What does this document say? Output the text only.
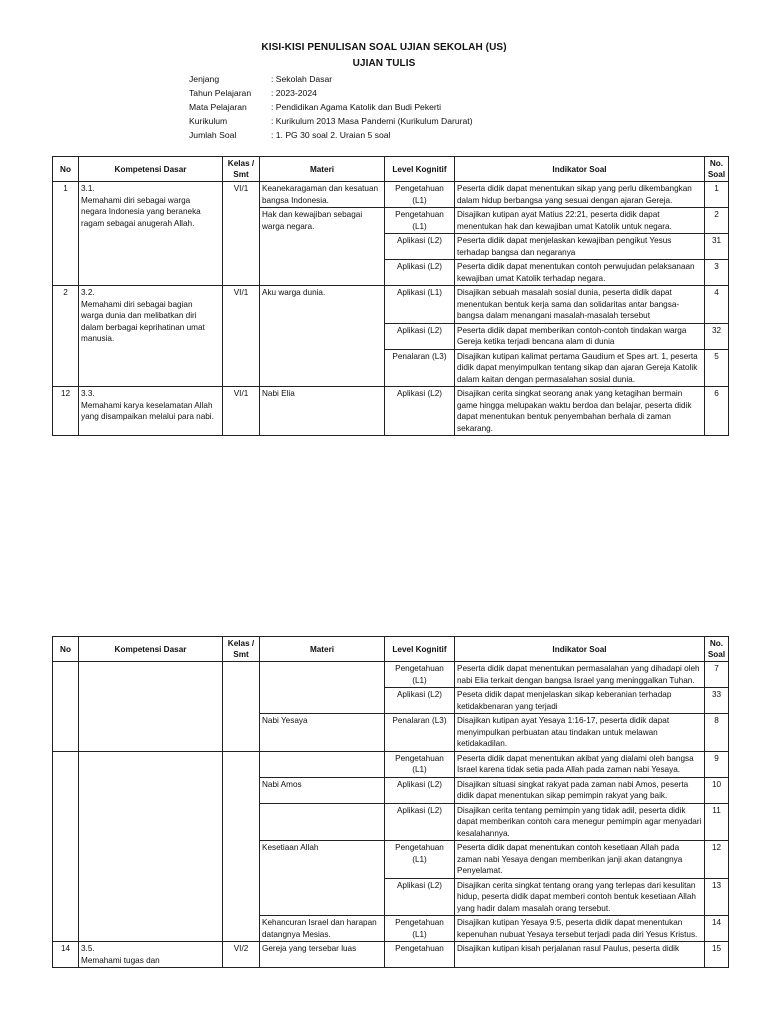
KISI-KISI PENULISAN SOAL UJIAN SEKOLAH (US)
UJIAN TULIS
Jenjang	: Sekolah Dasar
Tahun Pelajaran	: 2023-2024
Mata Pelajaran	: Pendidikan Agama Katolik dan Budi Pekerti
Kurikulum	: Kurikulum 2013 Masa Pandemi (Kurikulum Darurat)
Jumlah Soal	: 1. PG 30 soal 2. Uraian 5 soal
No	Kompetensi Dasar	Kelas / Smt	Materi	Level Kognitif	Indikator Soal	No. Soal
1	3.1.Memahami diri sebagai warga negara Indonesia yang beraneka ragam sebagai anugerah Allah.	VI/1	Keanekaragaman dan kesatuan bangsa Indonesia.	Pengetahuan (L1)	Peserta didik dapat menentukan sikap yang perlu dikembangkan dalam hidup berbangsa yang sesuai dengan ajaran Gereja.	1
			Hak dan kewajiban sebagai warga negara.	Pengetahuan (L1)	Disajikan kutipan ayat Matius 22:21, peserta didik dapat menentukan hak dan kewajiban umat Katolik untuk negara.	2
				Aplikasi (L2)	Peserta didik dapat menjelaskan kewajiban pengikut Yesus terhadap bangsa dan negaranya	31
				Aplikasi (L2)	Peserta didik dapat menentukan contoh perwujudan pelaksanaan kewajiban umat Katolik terhadap negara.	3
2	3.2.Memahami diri sebagai bagian warga dunia dan melibatkan diri dalam berbagai keprihatinan umat manusia.	VI/1	Aku warga dunia.	Aplikasi (L1)	Disajikan sebuah masalah sosial dunia, peserta didik dapat menentukan bentuk kerja sama dan solidaritas antar bangsa-bangsa dalam menangani masalah-masalah tersebut	4
				Aplikasi (L2)	Peserta didik dapat memberikan contoh-contoh tindakan warga Gereja ketika terjadi bencana alam di dunia	32
				Penalaran (L3)	Disajikan kutipan kalimat pertama Gaudium et Spes art. 1, peserta didik dapat menyimpulkan tentang sikap dan ajaran Gereja Katolik dalam kaitan dengan permasalahan sosial dunia.	5
12	3.3.Memahami karya keselamatan Allah yang disampaikan melalui para nabi.	VI/1	Nabi Elia	Aplikasi (L2)	Disajikan cerita singkat seorang anak yang ketagihan bermain game hingga melupakan waktu berdoa dan belajar, peserta didik dapat menentukan bentuk penyembahan berhala di zaman sekarang.	6
No	Kompetensi Dasar	Kelas / Smt	Materi	Level Kognitif	Indikator Soal	No. Soal
				Pengetahuan (L1)	Peserta didik dapat menentukan permasalahan yang dihadapi oleh nabi Elia terkait dengan bangsa Israel yang meninggalkan Tuhan.	7
				Aplikasi (L2)	Peseta didik dapat menjelaskan sikap keberanian terhadap ketidakbenaran yang terjadi	33
			Nabi Yesaya	Penalaran (L3)	Disajikan kutipan ayat Yesaya 1:16-17, peserta didik dapat menyimpulkan perbuatan atau tindakan untuk melawan ketidakadilan.	8
				Pengetahuan (L1)	Peserta didik dapat menentukan akibat yang dialami oleh bangsa Israel karena tidak setia pada Allah pada zaman nabi Yesaya.	9
			Nabi Amos	Aplikasi (L2)	Disajikan situasi singkat rakyat pada zaman nabi Amos, peserta didik dapat menentukan sikap pemimpin rakyat yang baik.	10
				Aplikasi (L2)	Disajikan cerita tentang pemimpin yang tidak adil, peserta didik dapat memberikan contoh cara menegur pemimpin agar menyadari kesalahannya.	11
			Kesetiaan Allah	Pengetahuan (L1)	Peserta didik dapat menentukan contoh kesetiaan Allah pada zaman nabi Yesaya dengan memberikan janji akan datangnya Penyelamat.	12
				Aplikasi (L2)	Disajikan cerita singkat tentang orang yang terlepas dari kesulitan hidup, peserta didik dapat memberi contoh bentuk kesetiaan Allah yang hadir dalam masalah orang tersebut.	13
			Kehancuran Israel dan harapan datangnya Mesias.	Pengetahuan (L1)	Disajikan kutipan Yesaya 9:5, peserta didik dapat menentukan kepenuhan nubuat Yesaya tersebut terjadi pada diri Yesus Kristus.	14
14	3.5.Memahami tugas dan	VI/2	Gereja yang tersebar luas	Pengetahuan	Disajikan kutipan kisah perjalanan rasul Paulus, peserta didik	15
